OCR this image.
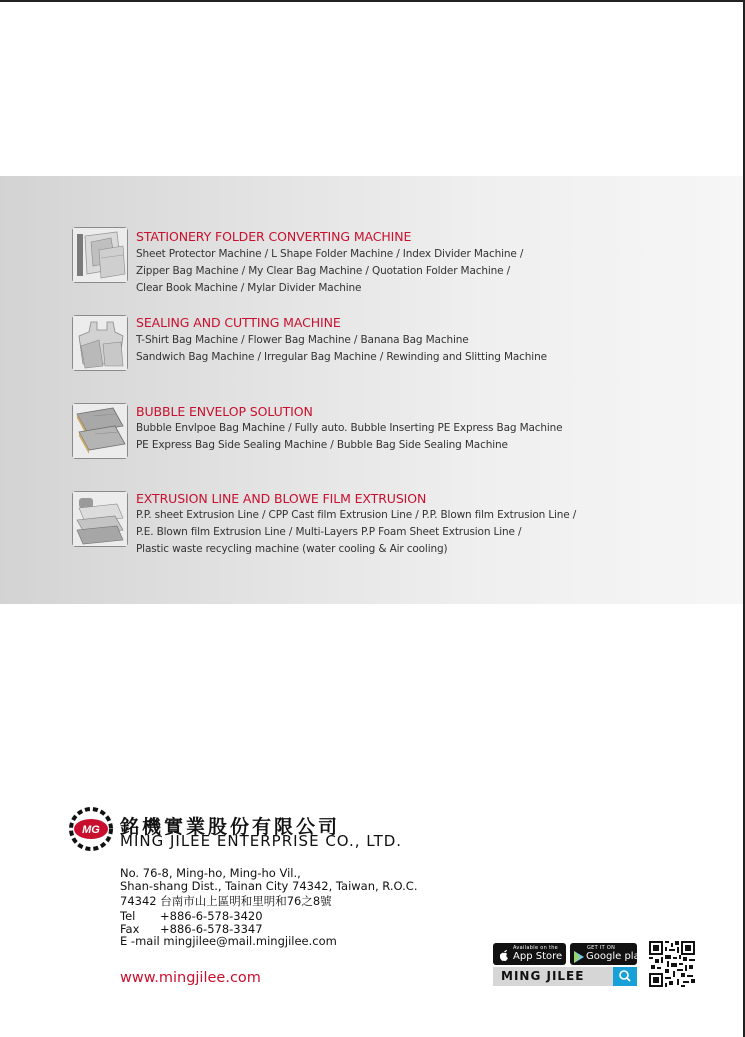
STATIONERY FOLDER CONVERTING MACHINE
Sheet Protector Machine / L Shape Folder Machine / Index Divider Machine /
Zipper Bag Machine / My Clear Bag Machine / Quotation Folder Machine /
Clear Book Machine / Mylar Divider Machine
SEALING AND CUTTING MACHINE
T-Shirt Bag Machine / Flower Bag Machine / Banana Bag Machine
Sandwich Bag Machine / Irregular Bag Machine / Rewinding and Slitting Machine
BUBBLE ENVELOP SOLUTION
Bubble Envlpoe Bag Machine / Fully auto. Bubble Inserting PE Express Bag Machine
PE Express Bag Side Sealing Machine / Bubble Bag Side Sealing Machine
EXTRUSION LINE AND BLOWE FILM EXTRUSION
P.P. sheet Extrusion Line / CPP Cast film Extrusion Line / P.P. Blown film Extrusion Line /
P.E. Blown film Extrusion Line / Multi-Layers P.P Foam Sheet Extrusion Line /
Plastic waste recycling machine (water cooling & Air cooling)
MG 銘機實業股份有限公司
MING JILEE ENTERPRISE CO., LTD.
No. 76-8, Ming-ho, Ming-ho Vil.,
Shan-shang Dist., Tainan City 74342, Taiwan, R.O.C.
74342 台南市山上區明和里明和76之8號
Tel +886-6-578-3420
Fax +886-6-578-3347
E -mail mingjilee@mail.mingjilee.com
www.mingjilee.com
Available on the
App Store
GET IT ON
Google play
MING JILEE
